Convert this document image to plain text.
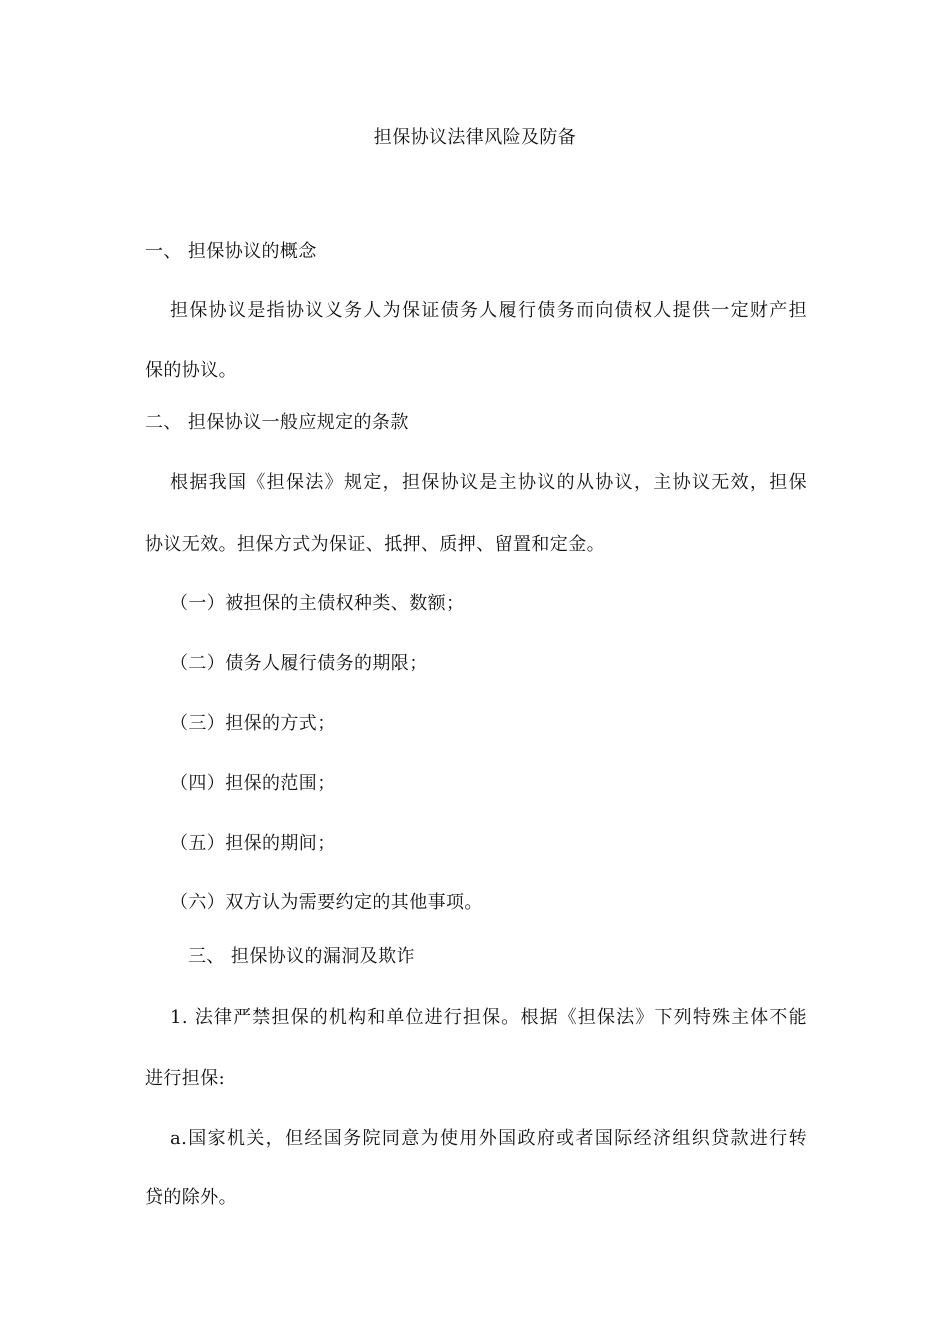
担保协议法律风险及防备
一、 担保协议的概念
担保协议是指协议义务人为保证债务人履行债务而向债权人提供一定财产担
保的协议。
二、 担保协议一般应规定的条款
根据我国《担保法》规定，担保协议是主协议的从协议，主协议无效，担保
协议无效。担保方式为保证、抵押、质押、留置和定金。
（一）被担保的主债权种类、数额；
（二）债务人履行债务的期限；
（三）担保的方式；
（四）担保的范围；
（五）担保的期间；
（六）双方认为需要约定的其他事项。
三、 担保协议的漏洞及欺诈
1. 法律严禁担保的机构和单位进行担保。根据《担保法》下列特殊主体不能
进行担保:
a.国家机关，但经国务院同意为使用外国政府或者国际经济组织贷款进行转
贷的除外。
